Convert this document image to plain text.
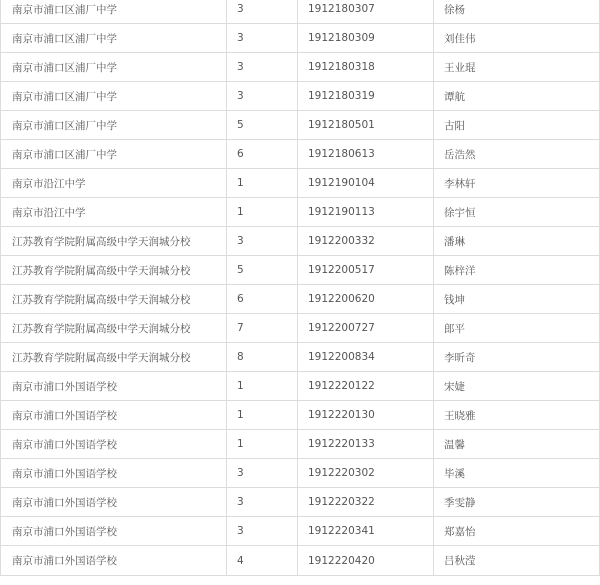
南京市浦口区浦厂中学	3	1912180307	徐杨
南京市浦口区浦厂中学	3	1912180309	刘佳伟
南京市浦口区浦厂中学	3	1912180318	王业琨
南京市浦口区浦厂中学	3	1912180319	谭航
南京市浦口区浦厂中学	5	1912180501	古阳
南京市浦口区浦厂中学	6	1912180613	岳浩然
南京市沿江中学	1	1912190104	李林轩
南京市沿江中学	1	1912190113	徐宇恒
江苏教育学院附属高级中学天润城分校	3	1912200332	潘琳
江苏教育学院附属高级中学天润城分校	5	1912200517	陈梓洋
江苏教育学院附属高级中学天润城分校	6	1912200620	钱坤
江苏教育学院附属高级中学天润城分校	7	1912200727	郎平
江苏教育学院附属高级中学天润城分校	8	1912200834	李昕奇
南京市浦口外国语学校	1	1912220122	宋婕
南京市浦口外国语学校	1	1912220130	王晓雅
南京市浦口外国语学校	1	1912220133	温馨
南京市浦口外国语学校	3	1912220302	毕溪
南京市浦口外国语学校	3	1912220322	季雯静
南京市浦口外国语学校	3	1912220341	郑嘉怡
南京市浦口外国语学校	4	1912220420	吕秋滢
